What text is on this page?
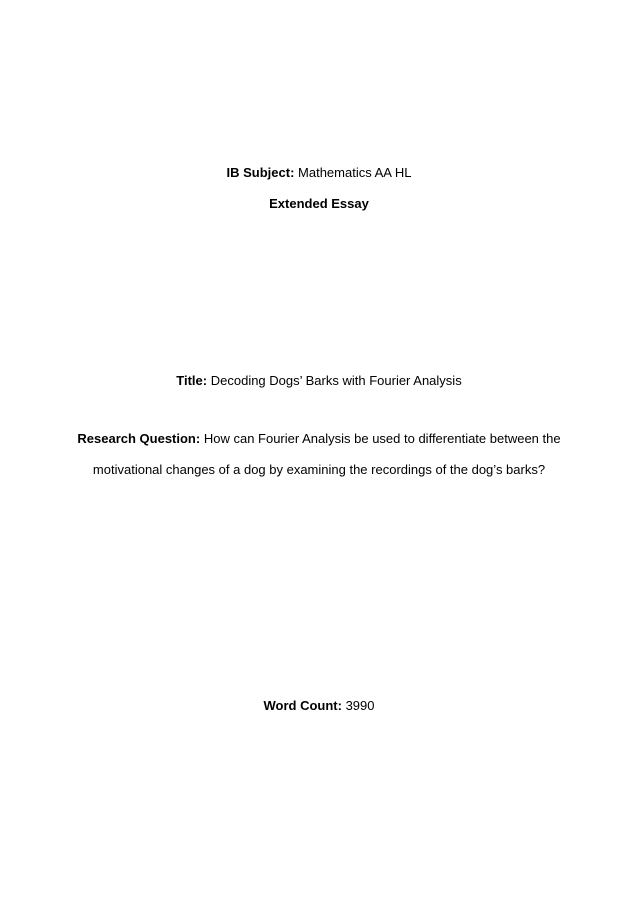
IB Subject: Mathematics AA HL
Extended Essay
Title: Decoding Dogs’ Barks with Fourier Analysis
Research Question: How can Fourier Analysis be used to differentiate between the
motivational changes of a dog by examining the recordings of the dog’s barks?
Word Count: 3990
